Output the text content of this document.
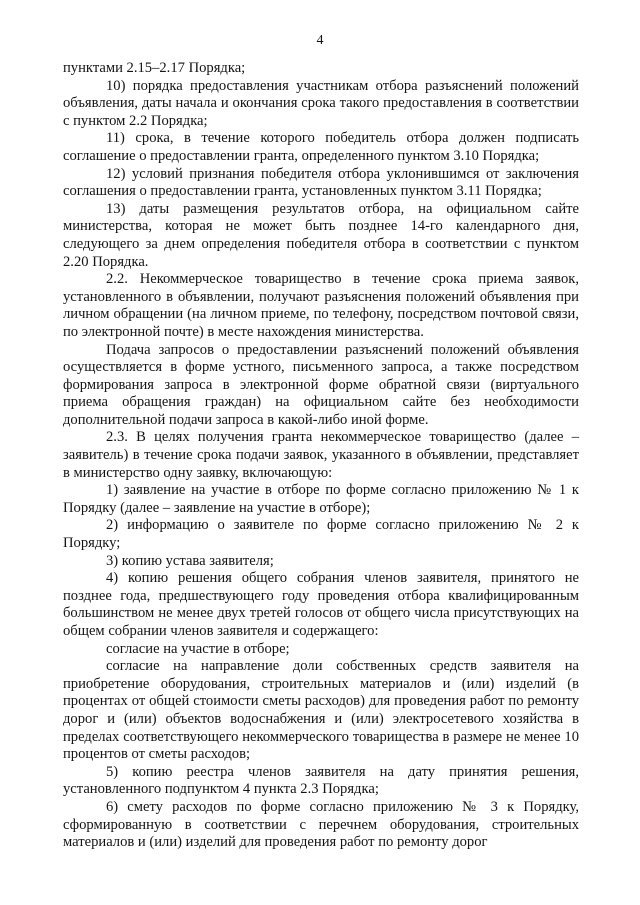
4

пунктами 2.15–2.17 Порядка;

10) порядка предоставления участникам отбора разъяснений положений объявления, даты начала и окончания срока такого предоставления в соответствии с пунктом 2.2 Порядка;

11) срока, в течение которого победитель отбора должен подписать соглашение о предоставлении гранта, определенного пунктом 3.10 Порядка;

12) условий признания победителя отбора уклонившимся от заключения соглашения о предоставлении гранта, установленных пунктом 3.11 Порядка;

13) даты размещения результатов отбора, на официальном сайте министерства, которая не может быть позднее 14-го календарного дня, следующего за днем определения победителя отбора в соответствии с пунктом 2.20 Порядка.

2.2. Некоммерческое товарищество в течение срока приема заявок, установленного в объявлении, получают разъяснения положений объявления при личном обращении (на личном приеме, по телефону, посредством почтовой связи, по электронной почте) в месте нахождения министерства.

Подача запросов о предоставлении разъяснений положений объявления осуществляется в форме устного, письменного запроса, а также посредством формирования запроса в электронной форме обратной связи (виртуального приема обращения граждан) на официальном сайте без необходимости дополнительной подачи запроса в какой-либо иной форме.

2.3. В целях получения гранта некоммерческое товарищество (далее – заявитель) в течение срока подачи заявок, указанного в объявлении, представляет в министерство одну заявку, включающую:

1) заявление на участие в отборе по форме согласно приложению № 1 к Порядку (далее – заявление на участие в отборе);

2) информацию о заявителе по форме согласно приложению № 2 к Порядку;

3) копию устава заявителя;

4) копию решения общего собрания членов заявителя, принятого не позднее года, предшествующего году проведения отбора квалифицированным большинством не менее двух третей голосов от общего числа присутствующих на общем собрании членов заявителя и содержащего:

согласие на участие в отборе;

согласие на направление доли собственных средств заявителя на приобретение оборудования, строительных материалов и (или) изделий (в процентах от общей стоимости сметы расходов) для проведения работ по ремонту дорог и (или) объектов водоснабжения и (или) электросетевого хозяйства в пределах соответствующего некоммерческого товарищества в размере не менее 10 процентов от сметы расходов;

5) копию реестра членов заявителя на дату принятия решения, установленного подпунктом 4 пункта 2.3 Порядка;

6) смету расходов по форме согласно приложению № 3 к Порядку, сформированную в соответствии с перечнем оборудования, строительных материалов и (или) изделий для проведения работ по ремонту дорог
